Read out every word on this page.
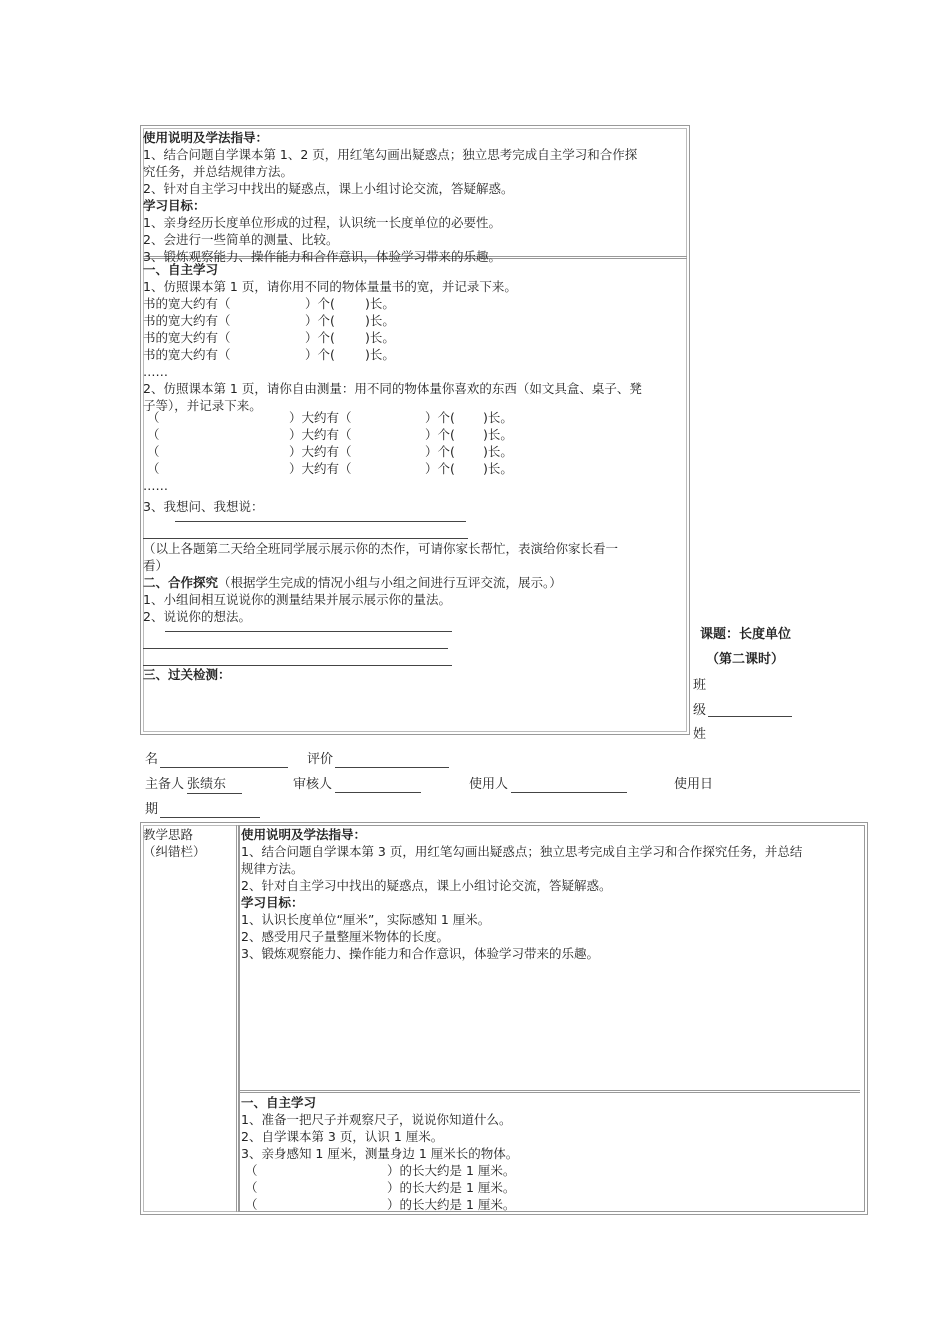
使用说明及学法指导：
1、结合问题自学课本第 1、2 页，用红笔勾画出疑惑点；独立思考完成自主学习和合作探
究任务，并总结规律方法。
2、针对自主学习中找出的疑惑点，课上小组讨论交流，答疑解惑。
学习目标：
1、亲身经历长度单位形成的过程，认识统一长度单位的必要性。
2、会进行一些简单的测量、比较。
3、锻炼观察能力、操作能力和合作意识，体验学习带来的乐趣。
一、自主学习
1、仿照课本第 1 页，请你用不同的物体量量书的宽，并记录下来。
书的宽大约有（	）个( )长。
书的宽大约有（	）个( )长。
书的宽大约有（	）个( )长。
书的宽大约有（	）个( )长。
……
2、仿照课本第 1 页，请你自由测量：用不同的物体量你喜欢的东西（如文具盒、桌子、凳
子等），并记录下来。
（	）大约有（	）个( )长。
（	）大约有（	）个( )长。
（	）大约有（	）个( )长。
（	）大约有（	）个( )长。
……
3、我想问、我想说：
（以上各题第二天给全班同学展示展示你的杰作，可请你家长帮忙，表演给你家长看一
看）
二、合作探究（根据学生完成的情况小组与小组之间进行互评交流，展示。）
1、小组间相互说说你的测量结果并展示展示你的量法。
2、说说你的想法。
三、过关检测：
课题：长度单位
（第二课时）
班
级
姓
名	评价
主备人 张绩东	审核人	使用人	使用日
期
教学思路
（纠错栏）
使用说明及学法指导：
1、结合问题自学课本第 3 页，用红笔勾画出疑惑点；独立思考完成自主学习和合作探究任务，并总结
规律方法。
2、针对自主学习中找出的疑惑点，课上小组讨论交流，答疑解惑。
学习目标：
1、认识长度单位“厘米”，实际感知 1 厘米。
2、感受用尺子量整厘米物体的长度。
3、锻炼观察能力、操作能力和合作意识，体验学习带来的乐趣。
一、自主学习
1、准备一把尺子并观察尺子，说说你知道什么。
2、自学课本第 3 页，认识 1 厘米。
3、亲身感知 1 厘米，测量身边 1 厘米长的物体。
（	）的长大约是 1 厘米。
（	）的长大约是 1 厘米。
（	）的长大约是 1 厘米。
